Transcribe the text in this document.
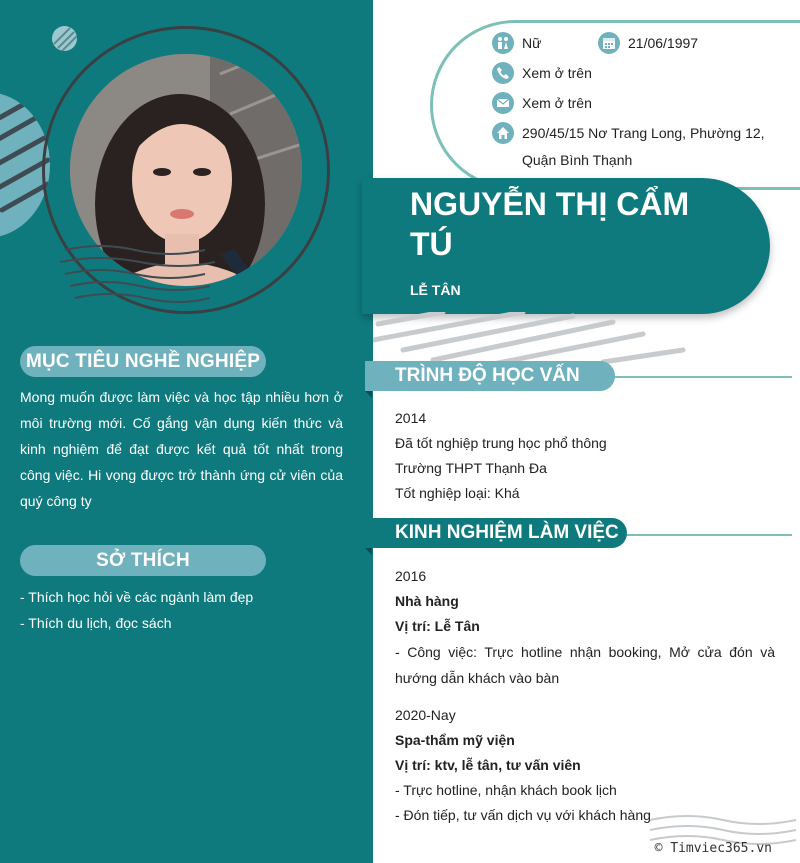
MỤC TIÊU NGHỀ NGHIỆP
Mong muốn được làm việc và học tập nhiều hơn ở môi trường mới. Cố gắng vận dụng kiến thức và kinh nghiệm để đạt được kết quả tốt nhất trong công việc. Hi vọng được trở thành ứng cử viên của quý công ty
SỞ THÍCH
- Thích học hỏi về các ngành làm đẹp
- Thích du lịch, đọc sách
Nữ	21/06/1997
Xem ở trên
Xem ở trên
290/45/15 Nơ Trang Long, Phường 12,
Quận Bình Thạnh
NGUYỄN THỊ CẨM TÚ
LỄ TÂN
TRÌNH ĐỘ HỌC VẤN
2014
Đã tốt nghiệp trung học phổ thông
Trường THPT Thạnh Đa
Tốt nghiệp loại: Khá
KINH NGHIỆM LÀM VIỆC
2016
Nhà hàng
Vị trí: Lễ Tân
- Công việc: Trực hotline nhận booking, Mở cửa đón và hướng dẫn khách vào bàn
2020-Nay
Spa-thẩm mỹ viện
Vị trí: ktv, lễ tân, tư vấn viên
- Trực hotline, nhận khách book lịch
- Đón tiếp, tư vấn dịch vụ với khách hàng
© Timviec365.vn
